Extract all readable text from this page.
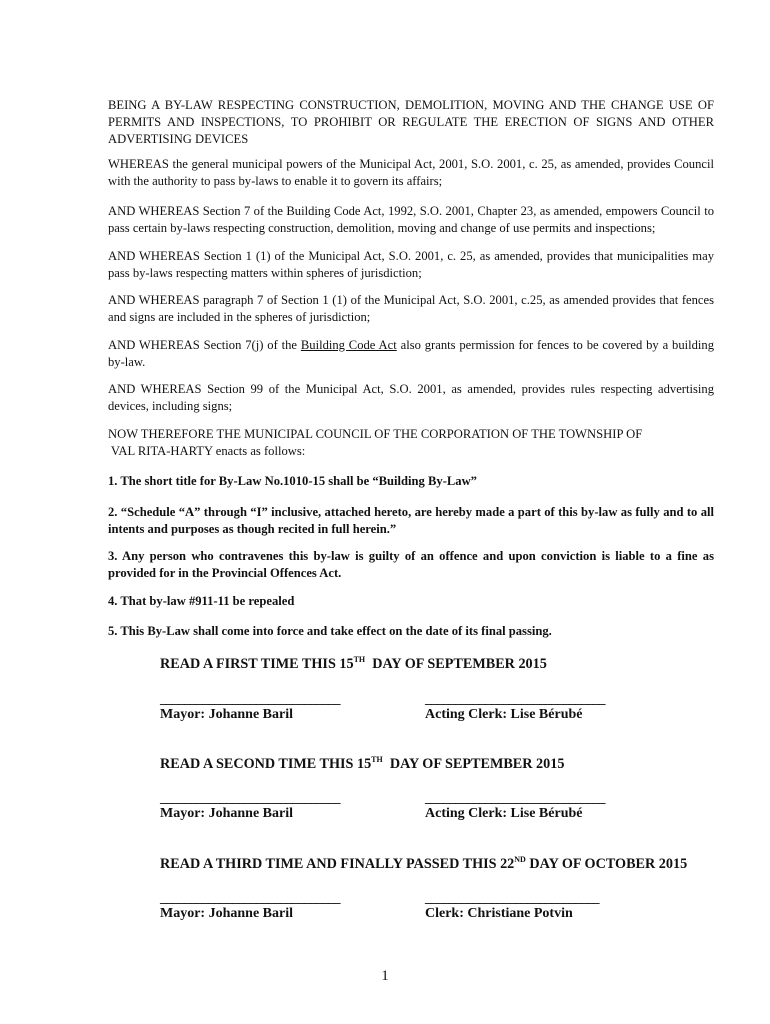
BEING A BY-LAW RESPECTING CONSTRUCTION, DEMOLITION, MOVING AND THE CHANGE USE OF PERMITS AND INSPECTIONS, TO PROHIBIT OR REGULATE THE ERECTION OF SIGNS AND OTHER ADVERTISING DEVICES

WHEREAS the general municipal powers of the Municipal Act, 2001, S.O. 2001, c. 25, as amended, provides Council with the authority to pass by-laws to enable it to govern its affairs;

AND WHEREAS Section 7 of the Building Code Act, 1992, S.O. 2001, Chapter 23, as amended, empowers Council to pass certain by-laws respecting construction, demolition, moving and change of use permits and inspections;

AND WHEREAS Section 1 (1) of the Municipal Act, S.O. 2001, c. 25, as amended, provides that municipalities may pass by-laws respecting matters within spheres of jurisdiction;

AND WHEREAS paragraph 7 of Section 1 (1) of the Municipal Act, S.O. 2001, c.25, as amended provides that fences and signs are included in the spheres of jurisdiction;

AND WHEREAS Section 7(j) of the Building Code Act also grants permission for fences to be covered by a building by-law.

AND WHEREAS Section 99 of the Municipal Act, S.O. 2001, as amended, provides rules respecting advertising devices, including signs;

NOW THEREFORE THE MUNICIPAL COUNCIL OF THE CORPORATION OF THE TOWNSHIP OF
VAL RITA-HARTY enacts as follows:

1. The short title for By-Law No.1010-15 shall be “Building By-Law”

2. “Schedule “A” through “I” inclusive, attached hereto, are hereby made a part of this by-law as fully and to all intents and purposes as though recited in full herein.”

3. Any person who contravenes this by-law is guilty of an offence and upon conviction is liable to a fine as provided for in the Provincial Offences Act.

4. That by-law #911-11 be repealed

5. This By-Law shall come into force and take effect on the date of its final passing.

READ A FIRST TIME THIS 15TH  DAY OF SEPTEMBER 2015
______________________________	______________________________
Mayor: Johanne Baril	Acting Clerk: Lise Bérubé
READ A SECOND TIME THIS 15TH  DAY OF SEPTEMBER 2015
______________________________	______________________________
Mayor: Johanne Baril	Acting Clerk: Lise Bérubé
READ A THIRD TIME AND FINALLY PASSED THIS 22ND DAY OF OCTOBER 2015
______________________________	_____________________________
Mayor: Johanne Baril	Clerk: Christiane Potvin
1
